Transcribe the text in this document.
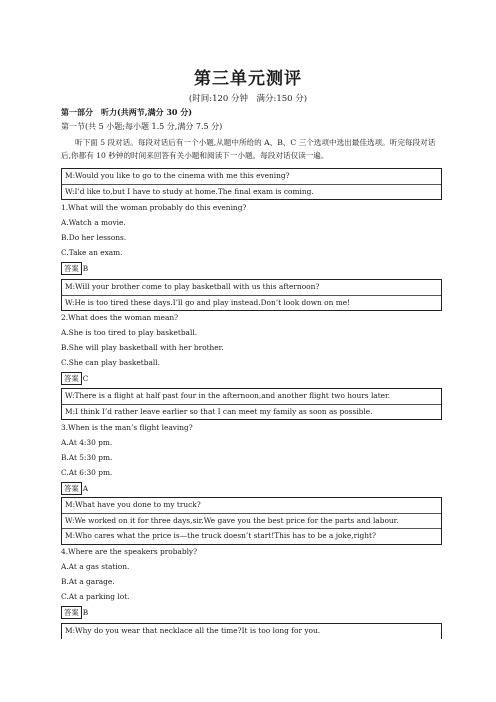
第三单元测评
(时间:120 分钟　满分:150 分)
第一部分　听力(共两节,满分 30 分)
第一节(共 5 小题;每小题 1.5 分,满分 7.5 分)
听下面 5 段对话。每段对话后有一个小题,从题中所给的 A、B、C 三个选项中选出最佳选项。听完每段对话后,你都有 10 秒钟的时间来回答有关小题和阅读下一小题。每段对话仅读一遍。
M:Would you like to go to the cinema with me this evening?
W:I’d like to,but I have to study at home.The final exam is coming.
1.What will the woman probably do this evening?
A.Watch a movie.
B.Do her lessons.
C.Take an exam.
答案 B
M:Will your brother come to play basketball with us this afternoon?
W:He is too tired these days.I’ll go and play instead.Don’t look down on me!
2.What does the woman mean?
A.She is too tired to play basketball.
B.She will play basketball with her brother.
C.She can play basketball.
答案 C
W:There is a flight at half past four in the afternoon,and another flight two hours later.
M:I think I’d rather leave earlier so that I can meet my family as soon as possible.
3.When is the man’s flight leaving?
A.At 4:30 pm.
B.At 5:30 pm.
C.At 6:30 pm.
答案 A
M:What have you done to my truck?
W:We worked on it for three days,sir.We gave you the best price for the parts and labour.
M:Who cares what the price is—the truck doesn’t start!This has to be a joke,right?
4.Where are the speakers probably?
A.At a gas station.
B.At a garage.
C.At a parking lot.
答案 B
M:Why do you wear that necklace all the time?It is too long for you.
